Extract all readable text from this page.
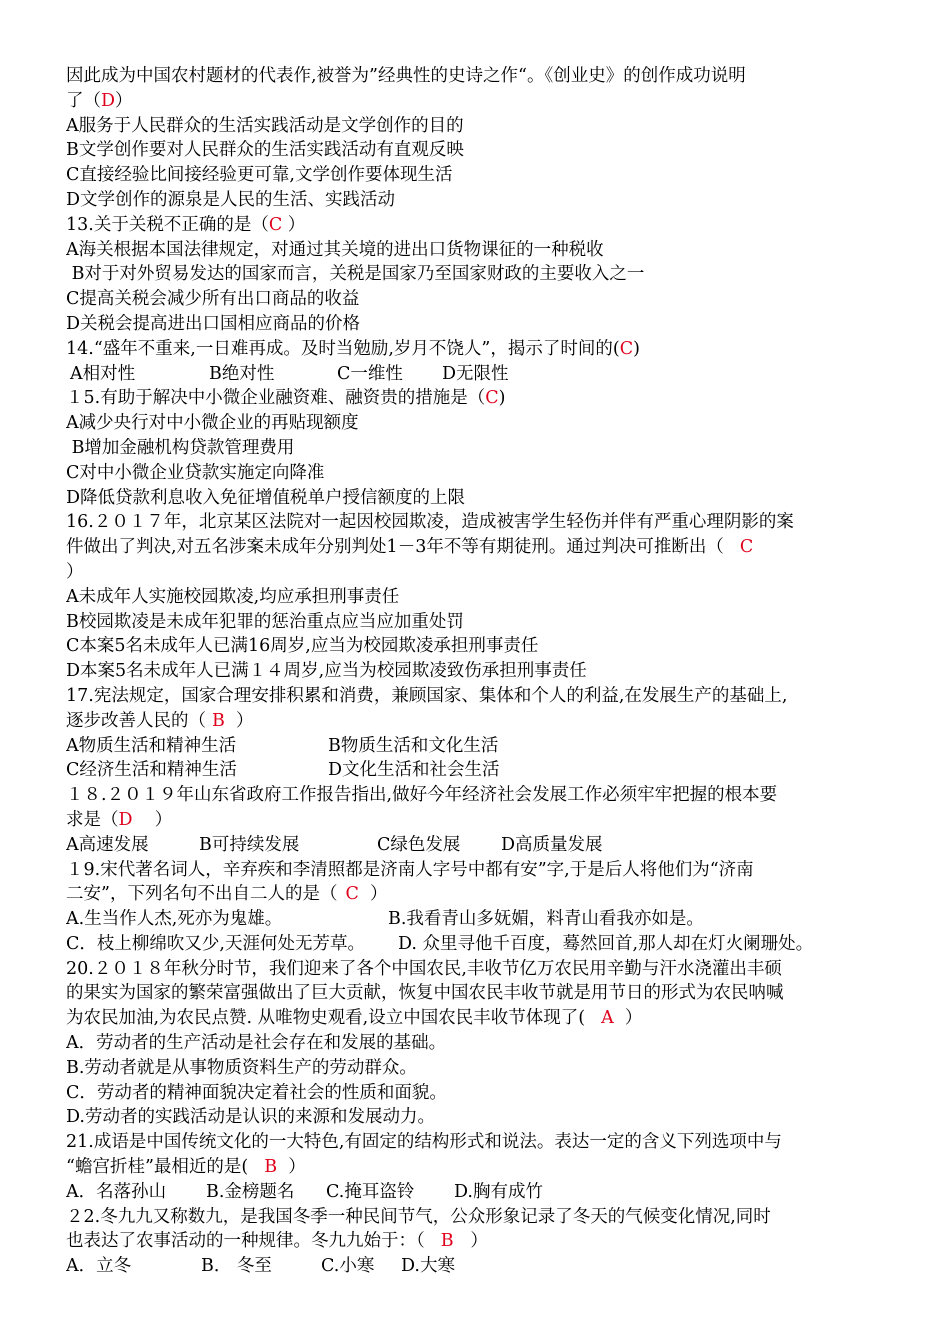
因此成为中国农村题材的代表作,被誉为”经典性的史诗之作“。《创业史》的创作成功说明
了（D）
A服务于人民群众的生活实践活动是文学创作的目的
B文学创作要对人民群众的生活实践活动有直观反映
C直接经验比间接经验更可靠,文学创作要体现生活
D文学创作的源泉是人民的生活、实践活动
13.关于关税不正确的是（C ）
A海关根据本国法律规定，对通过其关境的进出口货物课征的一种税收
B对于对外贸易发达的国家而言，关税是国家乃至国家财政的主要收入之一
C提高关税会减少所有出口商品的收益
D关税会提高进出口国相应商品的价格
14.“盛年不重来,一日难再成。及时当勉励,岁月不饶人”，揭示了时间的(C)
A相对性	B绝对性	C一维性	D无限性
１5.有助于解决中小微企业融资难、融资贵的措施是（C)
A减少央行对中小微企业的再贴现额度
B增加金融机构贷款管理费用
C对中小微企业贷款实施定向降准
D降低贷款利息收入免征增值税单户授信额度的上限
16.２０１７年，北京某区法院对一起因校园欺凌，造成被害学生轻伤并伴有严重心理阴影的案
件做出了判决,对五名涉案未成年分别判处1－3年不等有期徒刑。通过判决可推断出（ C
）
A未成年人实施校园欺凌,均应承担刑事责任
B校园欺凌是未成年犯罪的惩治重点应当应加重处罚
C本案5名未成年人已满16周岁,应当为校园欺凌承担刑事责任
D本案5名未成年人已满１４周岁,应当为校园欺凌致伤承担刑事责任
17.宪法规定，国家合理安排积累和消费，兼顾国家、集体和个人的利益,在发展生产的基础上,
逐步改善人民的（ B  ）
A物质生活和精神生活	B物质生活和文化生活
C经济生活和精神生活	D文化生活和社会生活
１８.２０１９年山东省政府工作报告指出,做好今年经济社会发展工作必须牢牢把握的根本要
求是（D    ）
A高速发展	B可持续发展	C绿色发展	D高质量发展
１9.宋代著名词人，辛弃疾和李清照都是济南人字号中都有安”字,于是后人将他们为“济南
二安”，下列名句不出自二人的是（ C  ）
A.生当作人杰,死亦为鬼雄。	B.我看青山多妩媚，料青山看我亦如是。
C．枝上柳绵吹又少,天涯何处无芳草。	D. 众里寻他千百度，蓦然回首,那人却在灯火阑珊处。
20.２０１８年秋分时节，我们迎来了各个中国农民,丰收节亿万农民用辛勤与汗水浇灌出丰硕
的果实为国家的繁荣富强做出了巨大贡献，恢复中国农民丰收节就是用节日的形式为农民呐喊
为农民加油,为农民点赞. 从唯物史观看,设立中国农民丰收节体现了( A  ）
A．劳动者的生产活动是社会存在和发展的基础。
B.劳动者就是从事物质资料生产的劳动群众。
C．劳动者的精神面貌决定着社会的性质和面貌。
D.劳动者的实践活动是认识的来源和发展动力。
21.成语是中国传统文化的一大特色,有固定的结构形式和说法。表达一定的含义下列选项中与
“蟾宫折桂”最相近的是( B  ）
A．名落孙山	B.金榜题名	C.掩耳盗铃	D.胸有成竹
２2.冬九九又称数九，是我国冬季一种民间节气，公众形象记录了冬天的气候变化情况,同时
也表达了农事活动的一种规律。冬九九始于：（ B   ）
A．立冬	B． 冬至	C.小寒	D.大寒
